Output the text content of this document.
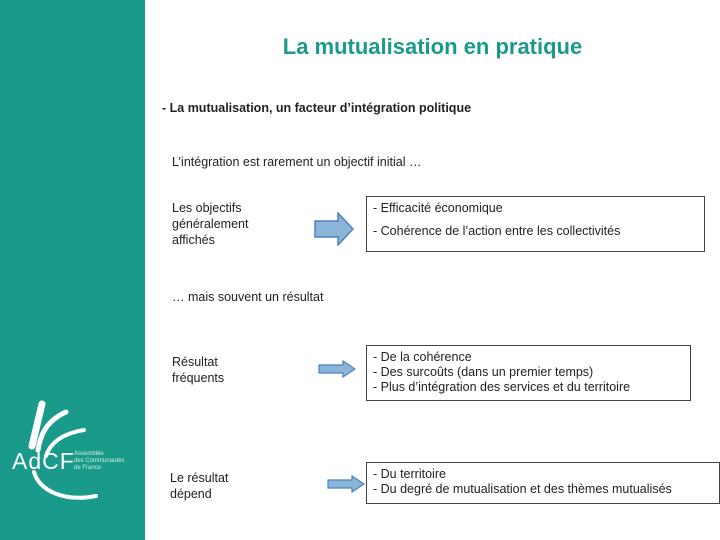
AdCF Assemblée
des Communautés
de France
La mutualisation en pratique
- La mutualisation, un facteur d’intégration politique
L’intégration est rarement un objectif initial …
Les objectifs
généralement
affichés
- Efficacité économique
- Cohérence de l’action entre les collectivités
… mais souvent un résultat
Résultat
fréquents
- De la cohérence
- Des surcoûts (dans un premier temps)
- Plus d’intégration des services et du territoire
Le résultat
dépend
- Du territoire
- Du degré de mutualisation et des thèmes mutualisés
